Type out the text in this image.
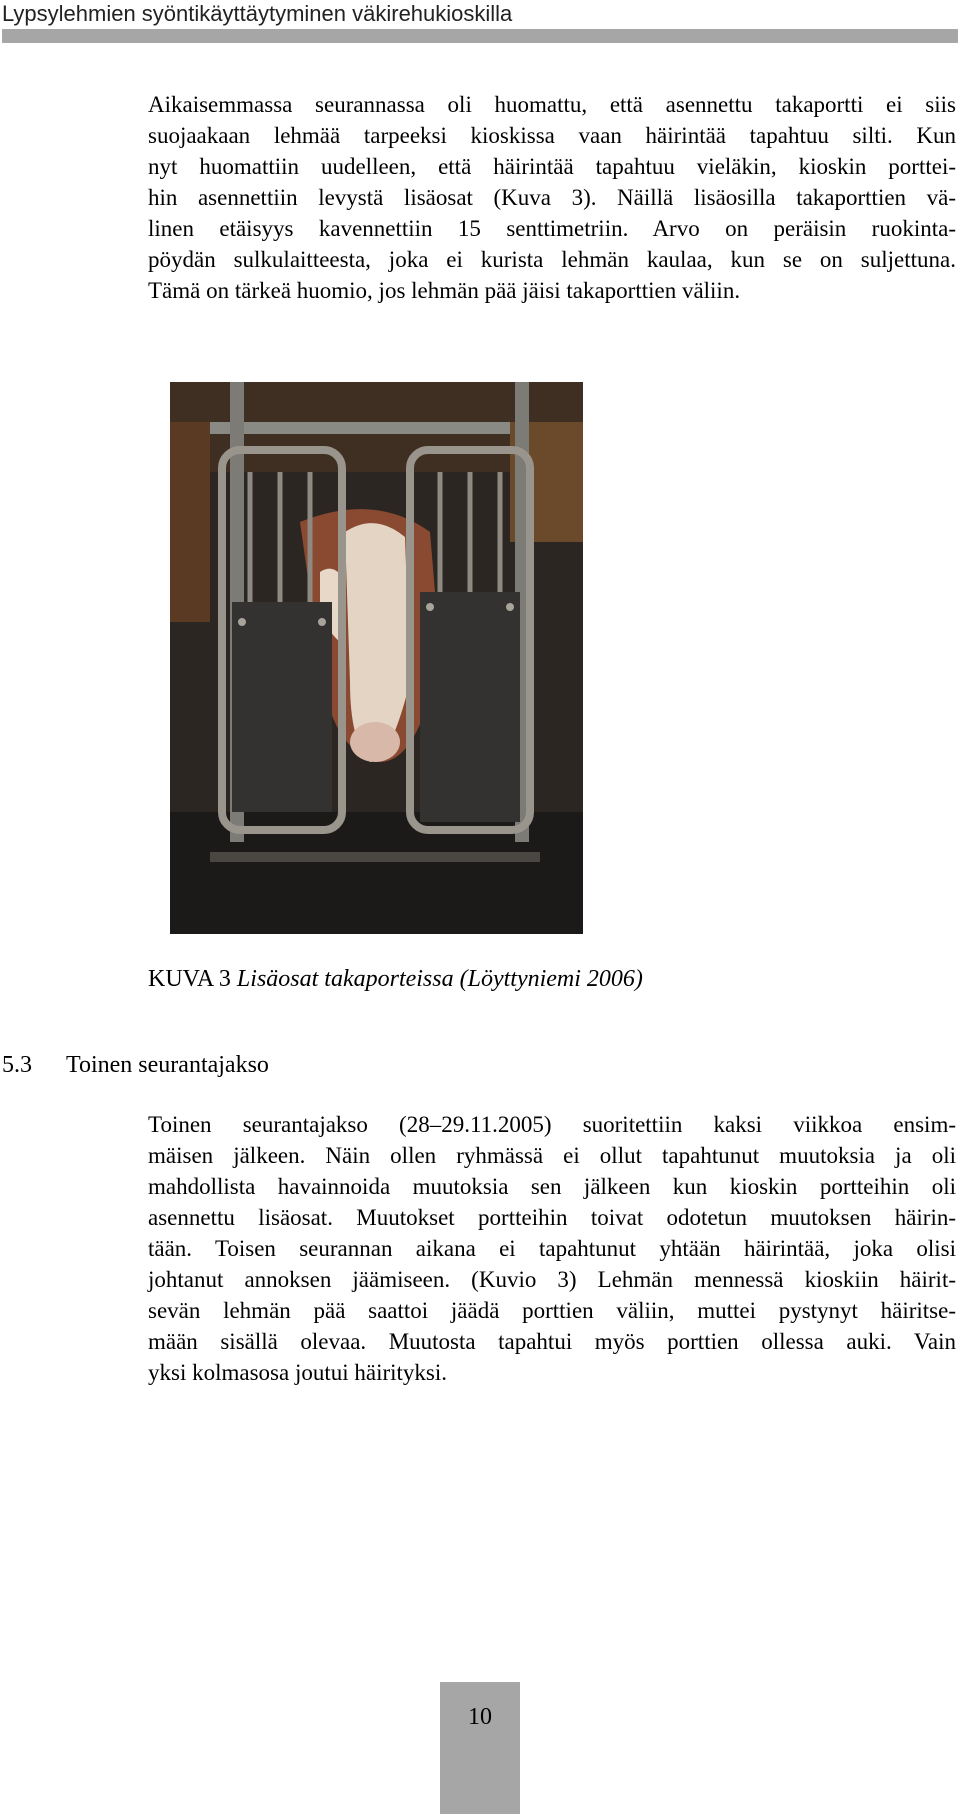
Lypsylehmien syöntikäyttäytyminen väkirehukioskilla
Aikaisemmassa seurannassa oli huomattu, että asennettu takaportti ei siis
suojaakaan lehmää tarpeeksi kioskissa vaan häirintää tapahtuu silti. Kun
nyt huomattiin uudelleen, että häirintää tapahtuu vieläkin, kioskin porttei-
hin asennettiin levystä lisäosat (Kuva 3). Näillä lisäosilla takaporttien vä-
linen etäisyys kavennettiin 15 senttimetriin. Arvo on peräisin ruokinta-
pöydän sulkulaitteesta, joka ei kurista lehmän kaulaa, kun se on suljettuna.
Tämä on tärkeä huomio, jos lehmän pää jäisi takaporttien väliin.
KUVA 3 Lisäosat takaporteissa (Löyttyniemi 2006)
5.3 Toinen seurantajakso
Toinen seurantajakso (28–29.11.2005) suoritettiin kaksi viikkoa ensim-
mäisen jälkeen. Näin ollen ryhmässä ei ollut tapahtunut muutoksia ja oli
mahdollista havainnoida muutoksia sen jälkeen kun kioskin portteihin oli
asennettu lisäosat. Muutokset portteihin toivat odotetun muutoksen häirin-
tään. Toisen seurannan aikana ei tapahtunut yhtään häirintää, joka olisi
johtanut annoksen jäämiseen. (Kuvio 3) Lehmän mennessä kioskiin häirit-
sevän lehmän pää saattoi jäädä porttien väliin, muttei pystynyt häiritse-
mään sisällä olevaa. Muutosta tapahtui myös porttien ollessa auki. Vain
yksi kolmasosa joutui häirityksi.
10
